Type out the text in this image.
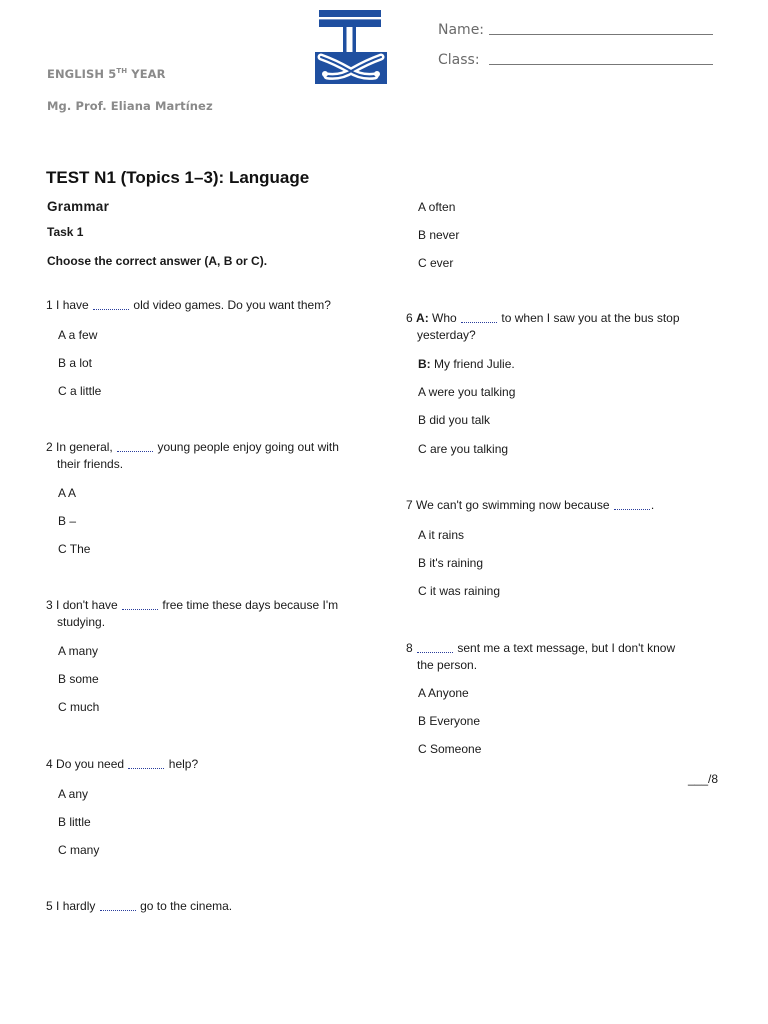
ENGLISH 5TH YEAR
Mg. Prof. Eliana Martínez
Name:
Class:
TEST N1 (Topics 1–3): Language
Grammar
Task 1
Choose the correct answer (A, B or C).
1 I have	old video games. Do you want them?
A a few
B a lot
C a little
2 In general,	young people enjoy going out with
their friends.
A A
B –
C The
3 I don't have	free time these days because I'm
studying.
A many
B some
C much
4 Do you need	help?
A any
B little
C many
5 I hardly	go to the cinema.
A often
B never
C ever
6 A: Who	to when I saw you at the bus stop
yesterday?
B: My friend Julie.
A were you talking
B did you talk
C are you talking
7 We can't go swimming now because	.
A it rains
B it's raining
C it was raining
8	sent me a text message, but I don't know
the person.
A Anyone
B Everyone
C Someone
___/8
